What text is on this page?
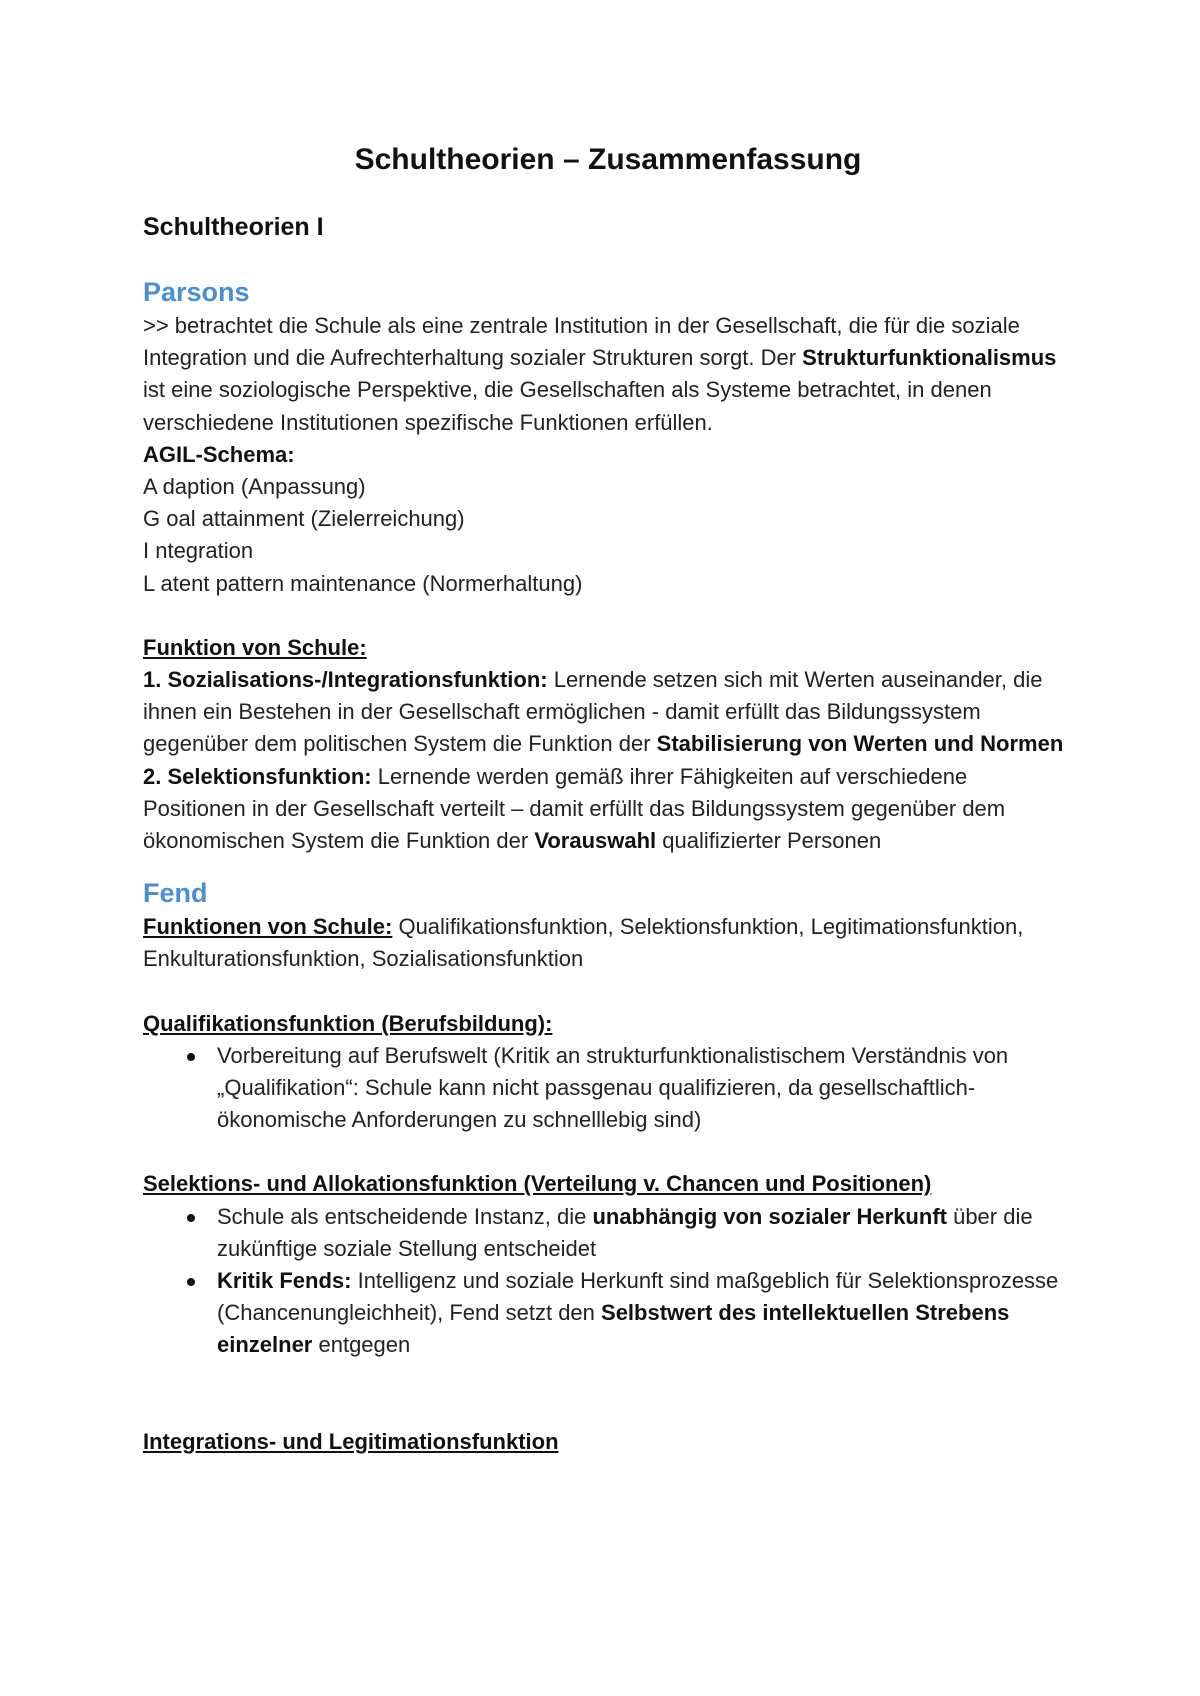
Schultheorien – Zusammenfassung
Schultheorien I
Parsons

>> betrachtet die Schule als eine zentrale Institution in der Gesellschaft, die für die soziale Integration und die Aufrechterhaltung sozialer Strukturen sorgt. Der Strukturfunktionalismus ist eine soziologische Perspektive, die Gesellschaften als Systeme betrachtet, in denen verschiedene Institutionen spezifische Funktionen erfüllen.

AGIL-Schema:

A daption (Anpassung)

G oal attainment (Zielerreichung)

I ntegration

L atent pattern maintenance (Normerhaltung)

Funktion von Schule:

1. Sozialisations-/Integrationsfunktion: Lernende setzen sich mit Werten auseinander, die ihnen ein Bestehen in der Gesellschaft ermöglichen - damit erfüllt das Bildungssystem gegenüber dem politischen System die Funktion der Stabilisierung von Werten und Normen

2. Selektionsfunktion: Lernende werden gemäß ihrer Fähigkeiten auf verschiedene Positionen in der Gesellschaft verteilt – damit erfüllt das Bildungssystem gegenüber dem ökonomischen System die Funktion der Vorauswahl qualifizierter Personen

Fend

Funktionen von Schule: Qualifikationsfunktion, Selektionsfunktion, Legitimationsfunktion, Enkulturationsfunktion, Sozialisationsfunktion

Qualifikationsfunktion (Berufsbildung):

Vorbereitung auf Berufswelt (Kritik an strukturfunktionalistischem Verständnis von „Qualifikation“: Schule kann nicht passgenau qualifizieren, da gesellschaftlich-ökonomische Anforderungen zu schnelllebig sind)

Selektions- und Allokationsfunktion (Verteilung v. Chancen und Positionen)

Schule als entscheidende Instanz, die unabhängig von sozialer Herkunft über die zukünftige soziale Stellung entscheidet
Kritik Fends: Intelligenz und soziale Herkunft sind maßgeblich für Selektionsprozesse (Chancenungleichheit), Fend setzt den Selbstwert des intellektuellen Strebens einzelner entgegen

Integrations- und Legitimationsfunktion
